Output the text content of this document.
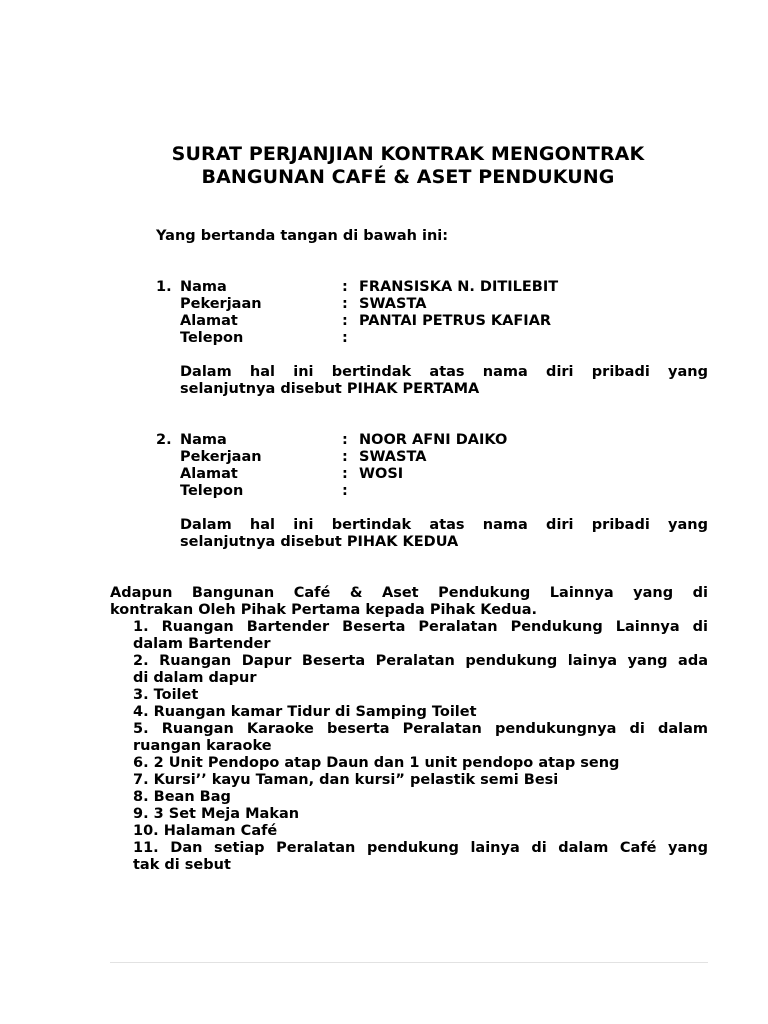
SURAT PERJANJIAN KONTRAK MENGONTRAK
BANGUNAN CAFÉ & ASET PENDUKUNG
Yang bertanda tangan di bawah ini:
1. Nama	: FRANSISKA N. DITILEBIT
Pekerjaan	: SWASTA
Alamat	: PANTAI PETRUS KAFIAR
Telepon	:
Dalam hal ini bertindak atas nama diri pribadi yang
selanjutnya disebut PIHAK PERTAMA
2. Nama	: NOOR AFNI DAIKO
Pekerjaan	: SWASTA
Alamat	: WOSI
Telepon	:
Dalam hal ini bertindak atas nama diri pribadi yang
selanjutnya disebut PIHAK KEDUA
Adapun Bangunan Café & Aset Pendukung Lainnya yang di
kontrakan Oleh Pihak Pertama kepada Pihak Kedua.
1. Ruangan Bartender Beserta Peralatan Pendukung Lainnya di
dalam Bartender
2. Ruangan Dapur Beserta Peralatan pendukung lainya yang ada
di dalam dapur
3. Toilet
4. Ruangan kamar Tidur di Samping Toilet
5. Ruangan Karaoke beserta Peralatan pendukungnya di dalam
ruangan karaoke
6. 2 Unit Pendopo atap Daun dan 1 unit pendopo atap seng
7. Kursi’’ kayu Taman, dan kursi” pelastik semi Besi
8. Bean Bag
9. 3 Set Meja Makan
10. Halaman Café
11. Dan setiap Peralatan pendukung lainya di dalam Café yang
tak di sebut
